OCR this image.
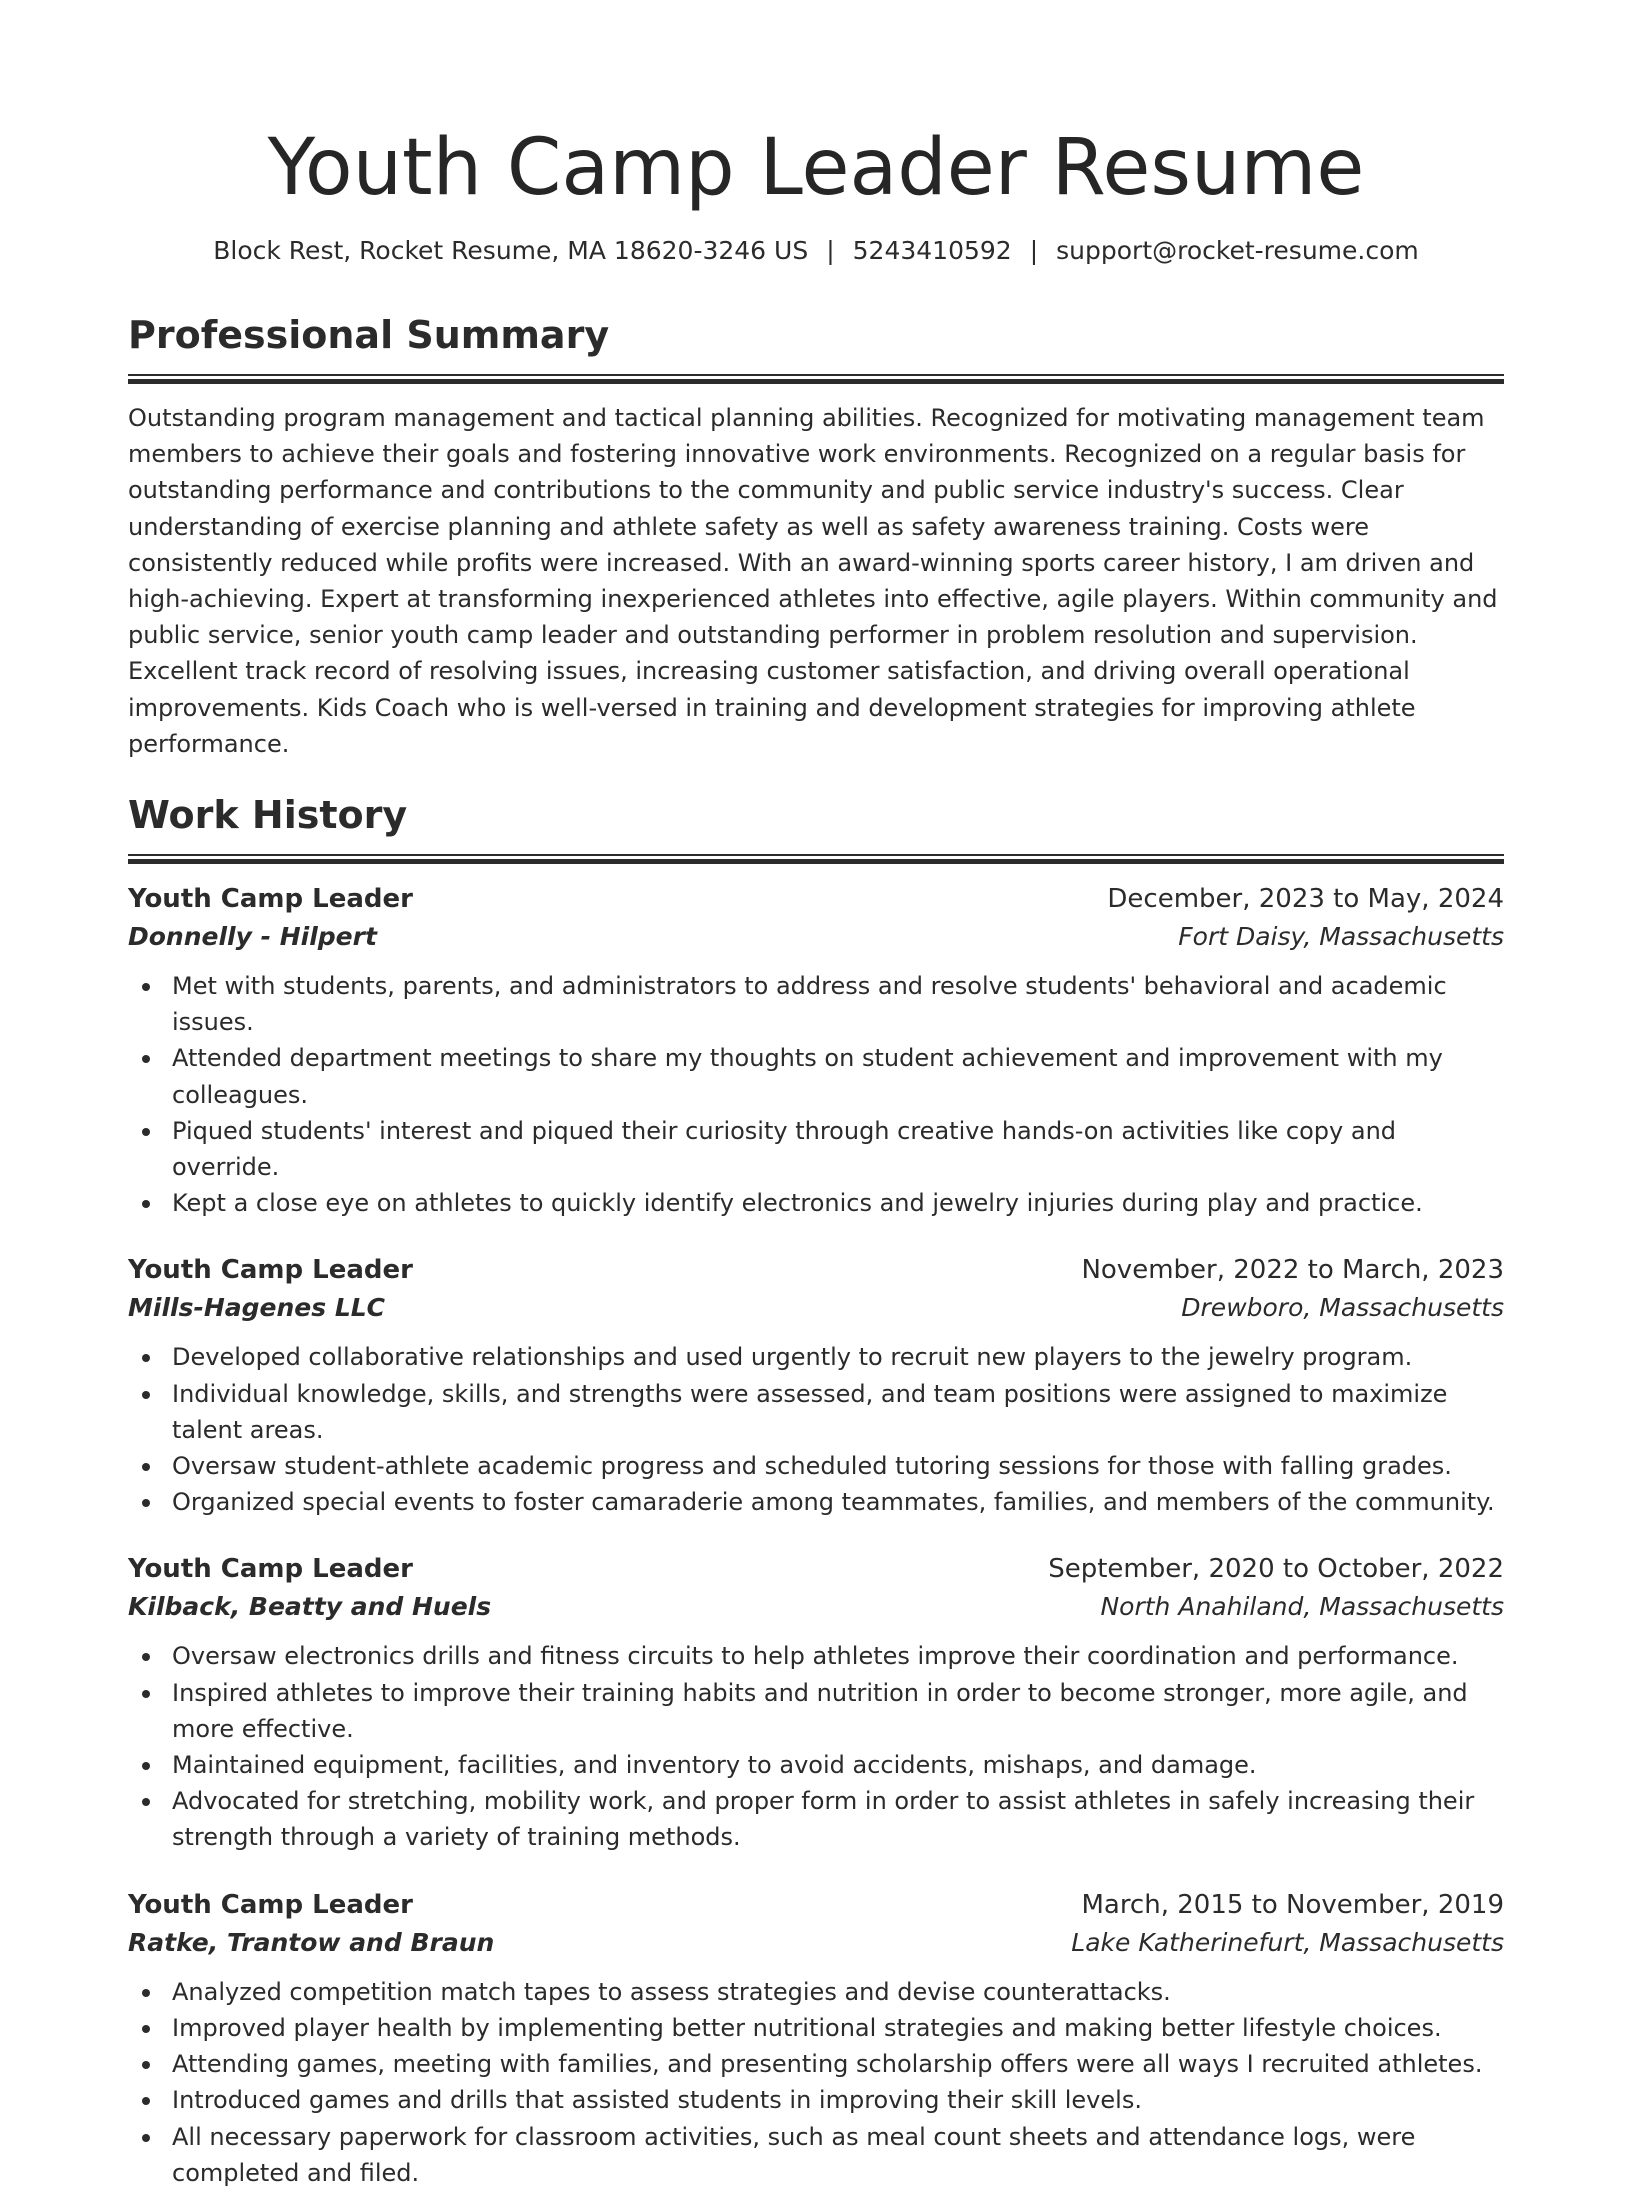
Youth Camp Leader Resume
Block Rest, Rocket Resume, MA 18620-3246 US | 5243410592 | support@rocket-resume.com
Professional Summary

Outstanding program management and tactical planning abilities. Recognized for motivating management team members to achieve their goals and fostering innovative work environments. Recognized on a regular basis for outstanding performance and contributions to the community and public service industry's success. Clear understanding of exercise planning and athlete safety as well as safety awareness training. Costs were consistently reduced while profits were increased. With an award-winning sports career history, I am driven and high-achieving. Expert at transforming inexperienced athletes into effective, agile players. Within community and public service, senior youth camp leader and outstanding performer in problem resolution and supervision. Excellent track record of resolving issues, increasing customer satisfaction, and driving overall operational improvements. Kids Coach who is well-versed in training and development strategies for improving athlete performance.

Work History
Youth Camp Leader	December, 2023 to May, 2024
Donnelly - Hilpert	Fort Daisy, Massachusetts
Met with students, parents, and administrators to address and resolve students' behavioral and academic issues.
Attended department meetings to share my thoughts on student achievement and improvement with my colleagues.
Piqued students' interest and piqued their curiosity through creative hands-on activities like copy and override.
Kept a close eye on athletes to quickly identify electronics and jewelry injuries during play and practice.
Youth Camp Leader	November, 2022 to March, 2023
Mills-Hagenes LLC	Drewboro, Massachusetts
Developed collaborative relationships and used urgently to recruit new players to the jewelry program.
Individual knowledge, skills, and strengths were assessed, and team positions were assigned to maximize talent areas.
Oversaw student-athlete academic progress and scheduled tutoring sessions for those with falling grades.
Organized special events to foster camaraderie among teammates, families, and members of the community.
Youth Camp Leader	September, 2020 to October, 2022
Kilback, Beatty and Huels	North Anahiland, Massachusetts
Oversaw electronics drills and fitness circuits to help athletes improve their coordination and performance.
Inspired athletes to improve their training habits and nutrition in order to become stronger, more agile, and more effective.
Maintained equipment, facilities, and inventory to avoid accidents, mishaps, and damage.
Advocated for stretching, mobility work, and proper form in order to assist athletes in safely increasing their strength through a variety of training methods.
Youth Camp Leader	March, 2015 to November, 2019
Ratke, Trantow and Braun	Lake Katherinefurt, Massachusetts
Analyzed competition match tapes to assess strategies and devise counterattacks.
Improved player health by implementing better nutritional strategies and making better lifestyle choices.
Attending games, meeting with families, and presenting scholarship offers were all ways I recruited athletes.
Introduced games and drills that assisted students in improving their skill levels.
All necessary paperwork for classroom activities, such as meal count sheets and attendance logs, were completed and filed.
